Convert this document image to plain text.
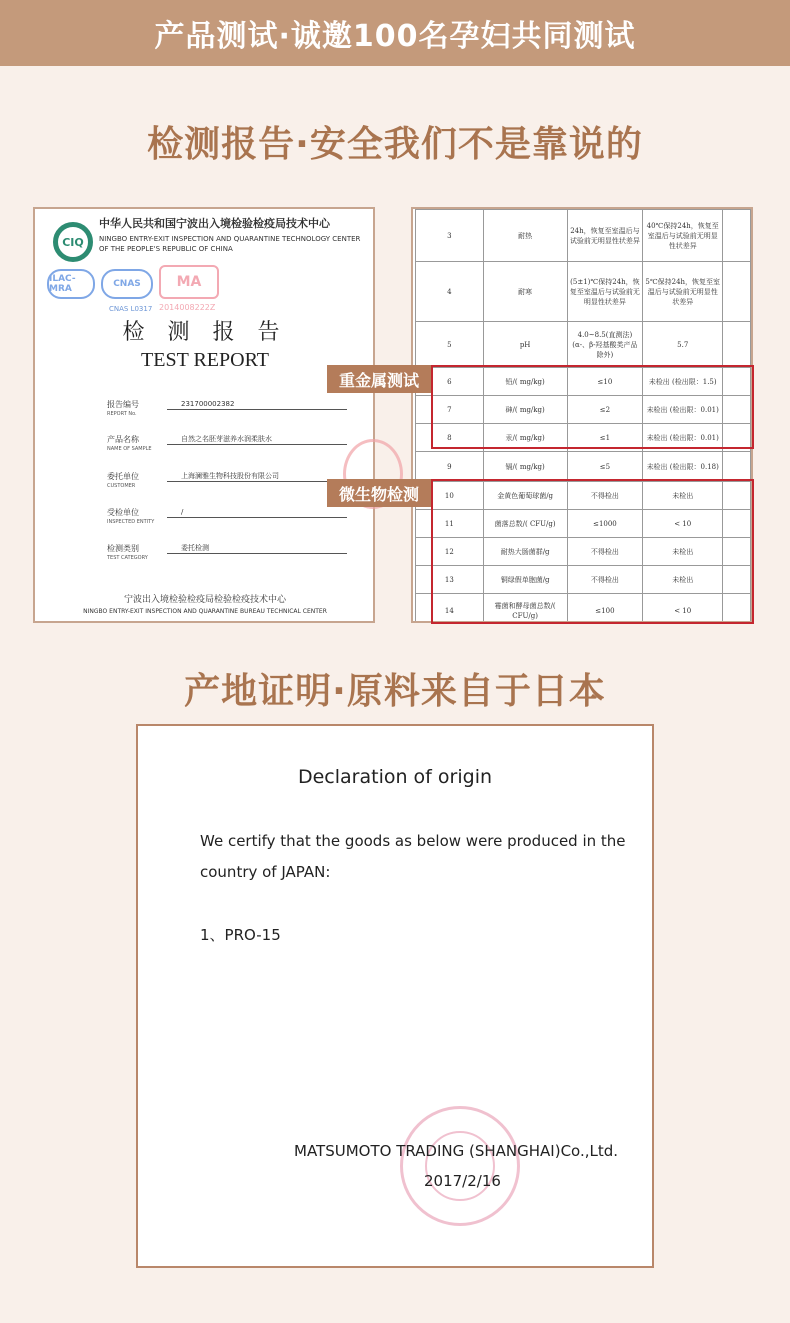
产品测试·诚邀100名孕妇共同测试
检测报告·安全我们不是靠说的
CIQ
中华人民共和国宁波出入境检验检疫局技术中心
NINGBO ENTRY-EXIT INSPECTION AND QUARANTINE TECHNOLOGY CENTER OF THE PEOPLE'S REPUBLIC OF CHINA
ILAC-MRA	CNAS
CNAS L0317
MA
2014008222Z
检 测 报 告
TEST REPORT
报告编号
REPORT No.
231700002382
产品名称
NAME OF SAMPLE
自然之名胚芽滋养水润柔肤水
委托单位
CUSTOMER
上海澜雅生物科技股份有限公司
受检单位
INSPECTED ENTITY
/
检测类别
TEST CATEGORY
委托检测
宁波出入境检验检疫局检验检疫技术中心
NINGBO ENTRY-EXIT INSPECTION AND QUARANTINE BUREAU TECHNICAL CENTER
3	耐热	24h，恢复至室温后与试验前无明显性状差异	40℃保持24h，恢复至室温后与试验前无明显性状差异	
4	耐寒	(5±1)℃保持24h，恢复至室温后与试验前无明显性状差异	5℃保持24h，恢复至室温后与试验前无明显性状差异	
5	pH	4.0~8.5(直测法)(α-、β-羟基酸类产品除外)	5.7	
6	铅/( mg/kg)	≤10	未检出 (检出限：1.5)	
7	砷/( mg/kg)	≤2	未检出 (检出限：0.01)	
8	汞/( mg/kg)	≤1	未检出 (检出限：0.01)	
9	镉/( mg/kg)	≤5	未检出 (检出限：0.18)	
10	金黄色葡萄球菌/g	不得检出	未检出	
11	菌落总数/( CFU/g)	≤1000	< 10	
12	耐热大肠菌群/g	不得检出	未检出	
13	铜绿假单胞菌/g	不得检出	未检出	
14	霉菌和酵母菌总数/( CFU/g)	≤100	< 10	
重金属测试
微生物检测
产地证明·原料来自于日本
Declaration of origin
We certify that the goods as below were produced in the country of JAPAN:
1、PRO-15
MATSUMOTO TRADING (SHANGHAI)Co.,Ltd.
2017/2/16
